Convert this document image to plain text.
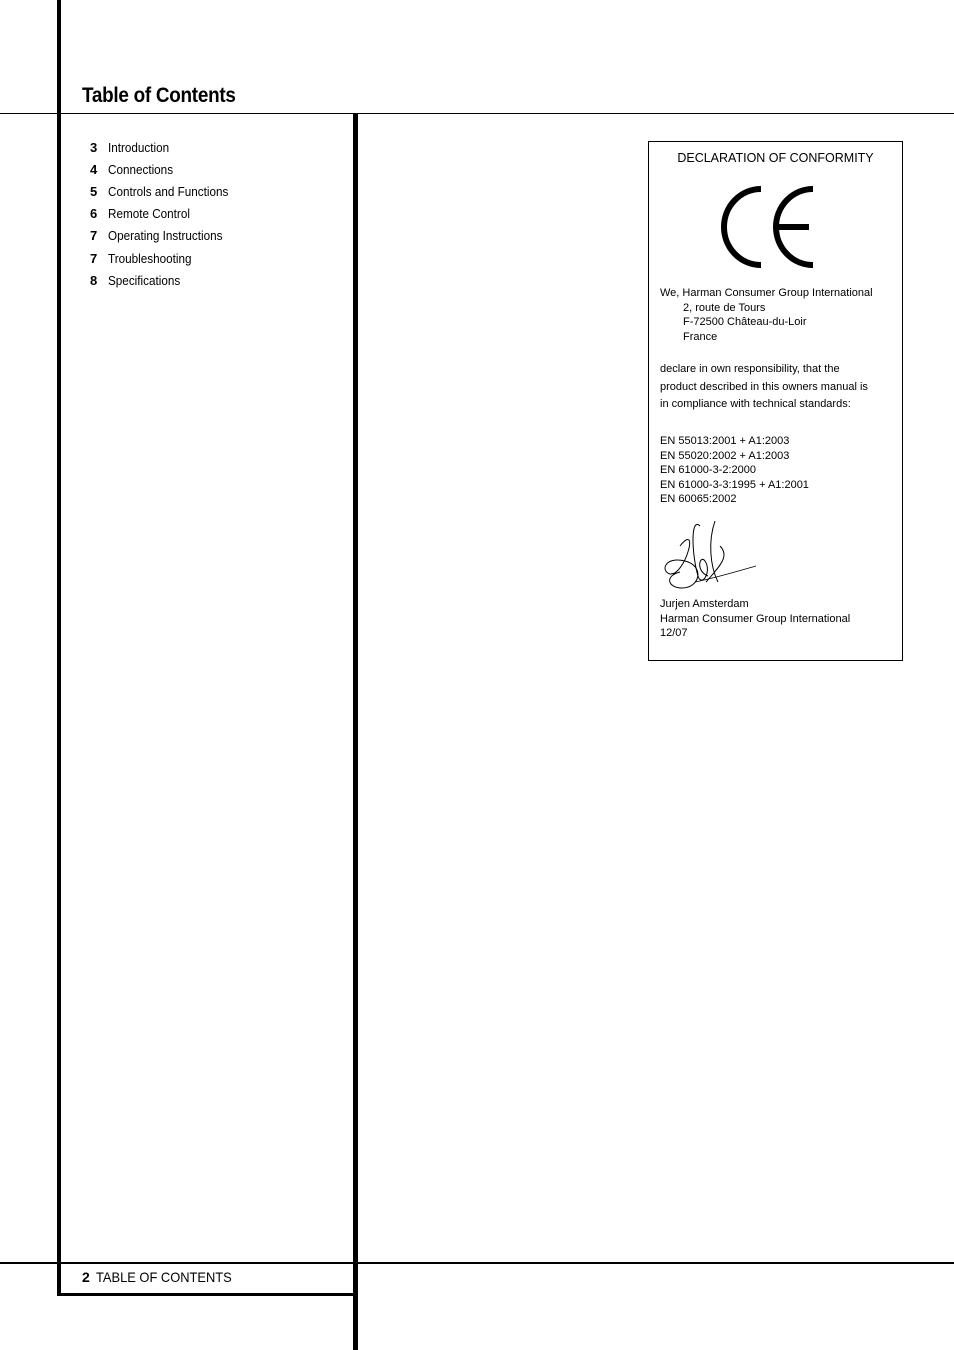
Table of Contents
3 Introduction
4 Connections
5 Controls and Functions
6 Remote Control
7 Operating Instructions
7 Troubleshooting
8 Specifications
2 TABLE OF CONTENTS
DECLARATION OF CONFORMITY
We, Harman Consumer Group International
2, route de Tours
F-72500 Château-du-Loir
France
declare in own responsibility, that the
product described in this owners manual is
in compliance with technical standards:
EN 55013:2001 + A1:2003
EN 55020:2002 + A1:2003
EN 61000-3-2:2000
EN 61000-3-3:1995 + A1:2001
EN 60065:2002
Jurjen Amsterdam
Harman Consumer Group International
12/07
